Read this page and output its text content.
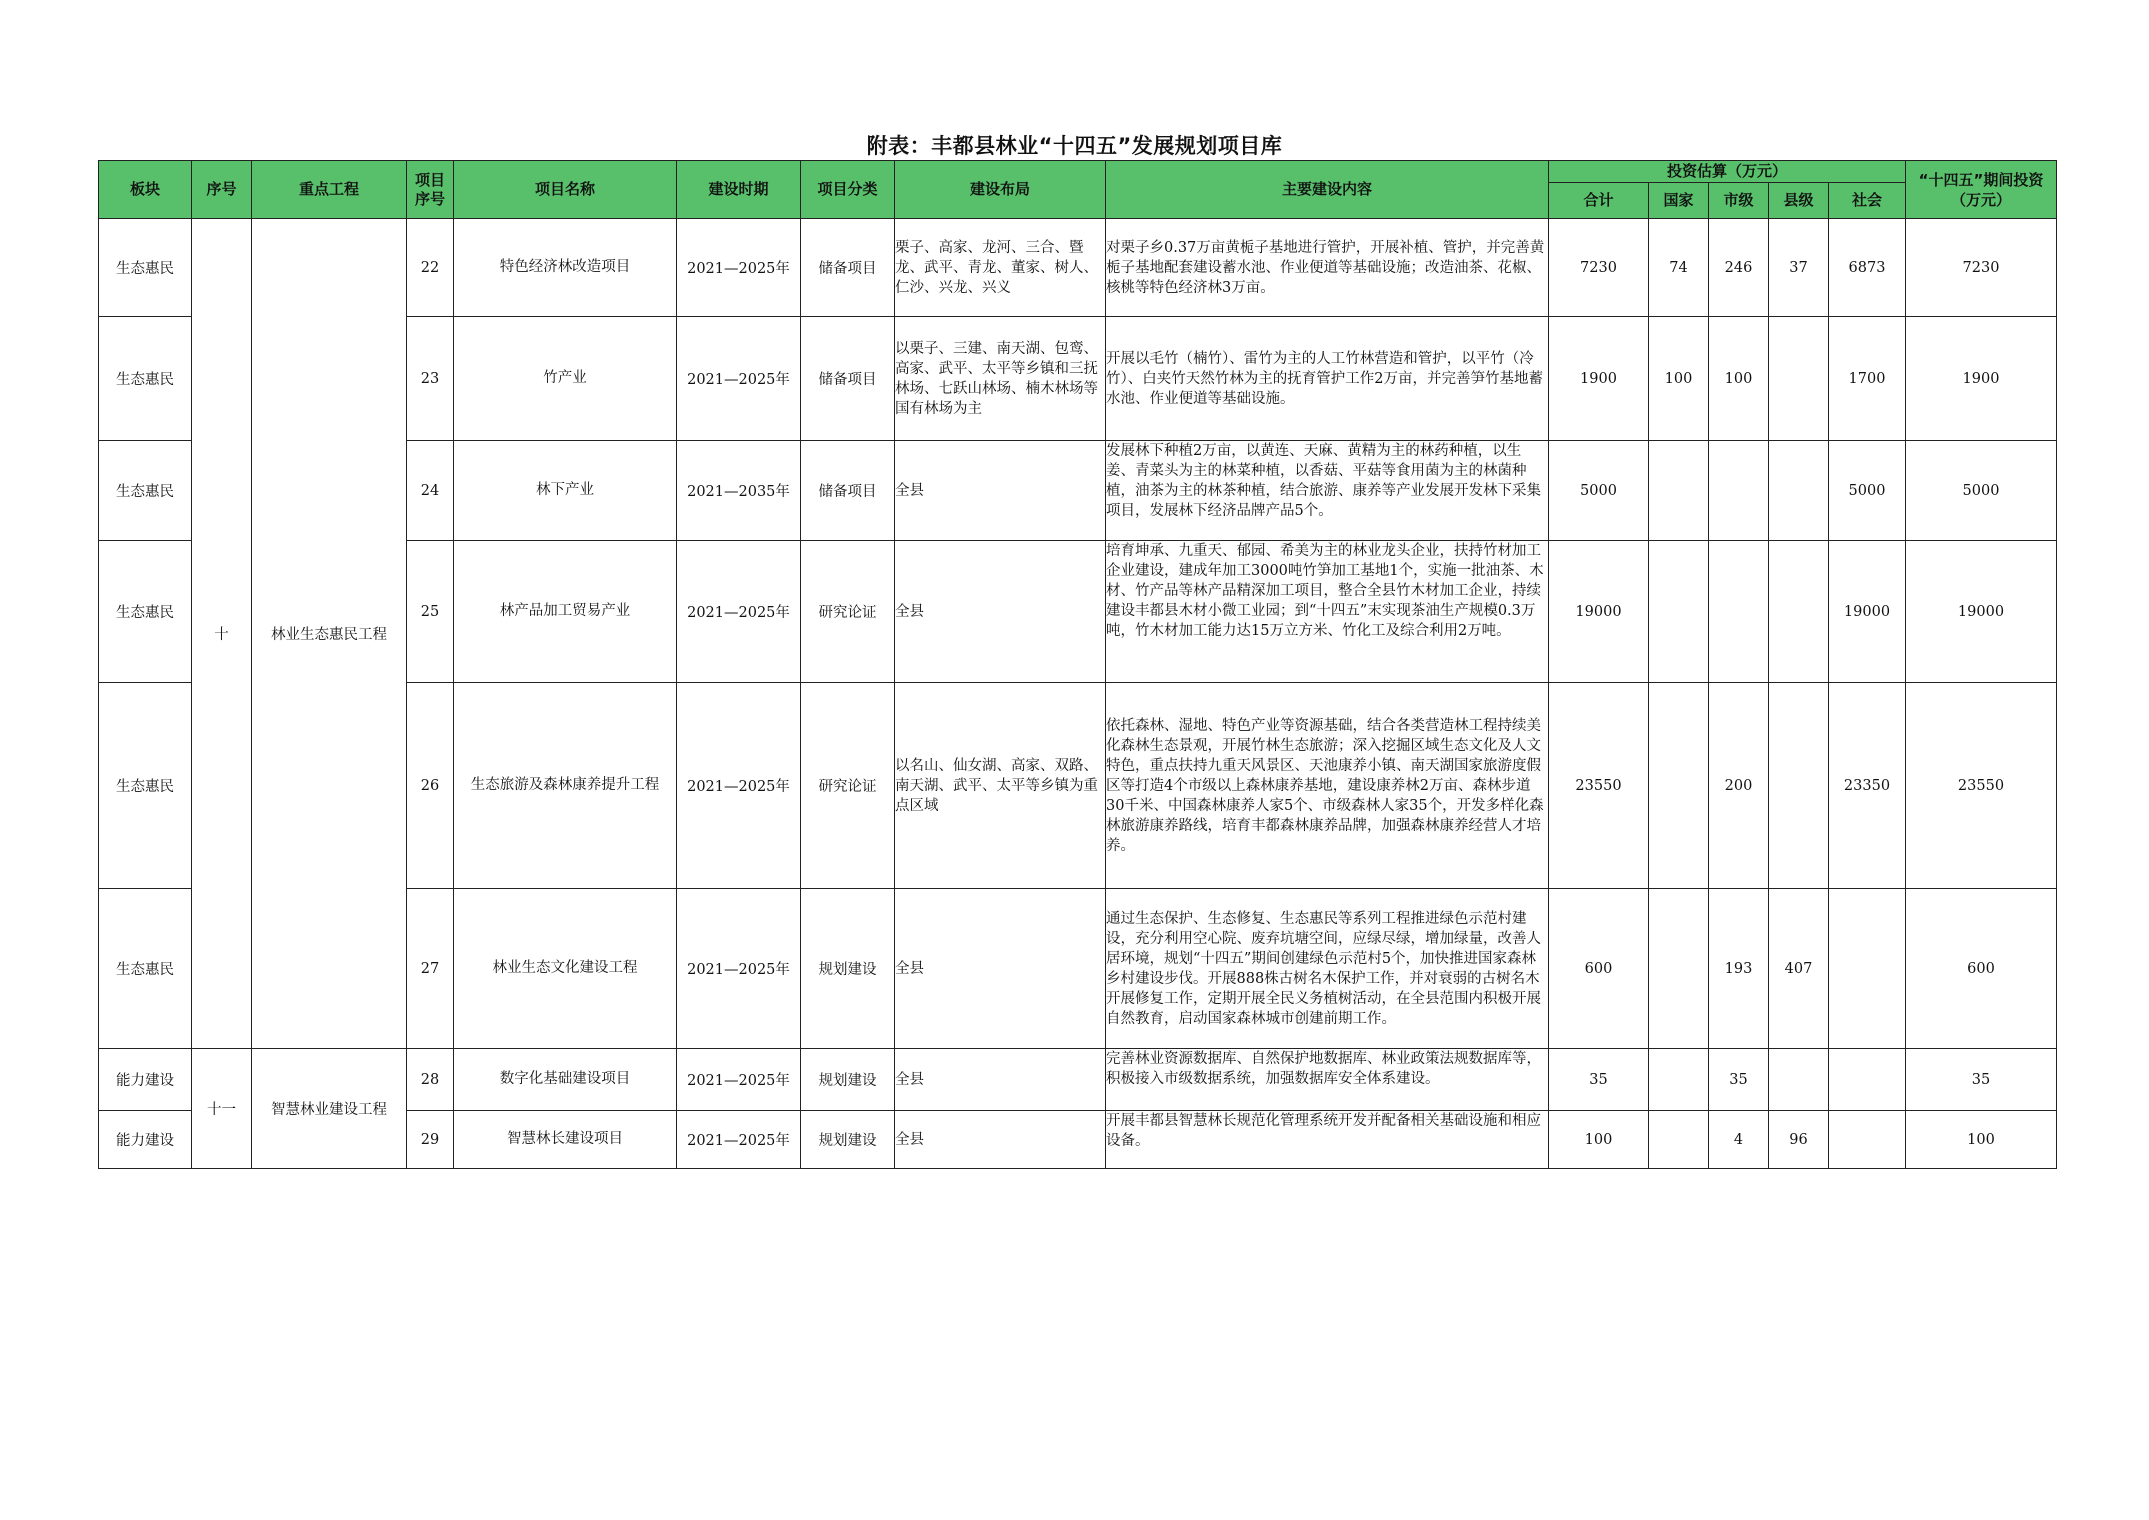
附表：丰都县林业“十四五”发展规划项目库
板块	序号	重点工程	项目序号	项目名称	建设时期	项目分类	建设布局	主要建设内容	投资估算（万元）					“十四五”期间投资（万元）

									合计	国家	市级	县级	社会	
生态惠民	十	林业生态惠民工程	22	特色经济林改造项目	2021—2025年	储备项目	栗子、高家、龙河、三合、暨龙、武平、青龙、董家、树人、仁沙、兴龙、兴义	对栗子乡0.37万亩黄栀子基地进行管护，开展补植、管护，并完善黄栀子基地配套建设蓄水池、作业便道等基础设施；改造油茶、花椒、核桃等特色经济林3万亩。	7230	74	246	37	6873	7230
生态惠民			23	竹产业	2021—2025年	储备项目	以栗子、三建、南天湖、包鸾、高家、武平、太平等乡镇和三抚林场、七跃山林场、楠木林场等国有林场为主	开展以毛竹（楠竹）、雷竹为主的人工竹林营造和管护，以平竹（冷竹）、白夹竹天然竹林为主的抚育管护工作2万亩，并完善笋竹基地蓄水池、作业便道等基础设施。	1900	100	100		1700	1900
生态惠民			24	林下产业	2021—2035年	储备项目	全县	发展林下种植2万亩，以黄连、天麻、黄精为主的林药种植，以生姜、青菜头为主的林菜种植，以香菇、平菇等食用菌为主的林菌种植，油茶为主的林茶种植，结合旅游、康养等产业发展开发林下采集项目，发展林下经济品牌产品5个。	5000				5000	5000
生态惠民			25	林产品加工贸易产业	2021—2025年	研究论证	全县	培育坤承、九重天、郁园、希美为主的林业龙头企业，扶持竹材加工企业建设，建成年加工3000吨竹笋加工基地1个，实施一批油茶、木材、竹产品等林产品精深加工项目，整合全县竹木材加工企业，持续建设丰都县木材小微工业园；到“十四五”末实现茶油生产规模0.3万吨，竹木材加工能力达15万立方米、竹化工及综合利用2万吨。	19000				19000	19000
生态惠民			26	生态旅游及森林康养提升工程	2021—2025年	研究论证	以名山、仙女湖、高家、双路、南天湖、武平、太平等乡镇为重点区域	依托森林、湿地、特色产业等资源基础，结合各类营造林工程持续美化森林生态景观，开展竹林生态旅游；深入挖掘区域生态文化及人文特色，重点扶持九重天风景区、天池康养小镇、南天湖国家旅游度假区等打造4个市级以上森林康养基地，建设康养林2万亩、森林步道30千米、中国森林康养人家5个、市级森林人家35个，开发多样化森林旅游康养路线，培育丰都森林康养品牌，加强森林康养经营人才培养。	23550		200		23350	23550
生态惠民			27	林业生态文化建设工程	2021—2025年	规划建设	全县	通过生态保护、生态修复、生态惠民等系列工程推进绿色示范村建设，充分利用空心院、废弃坑塘空间，应绿尽绿，增加绿量，改善人居环境，规划“十四五”期间创建绿色示范村5个，加快推进国家森林乡村建设步伐。开展888株古树名木保护工作，并对衰弱的古树名木开展修复工作，定期开展全民义务植树活动，在全县范围内积极开展自然教育，启动国家森林城市创建前期工作。	600		193	407		600
能力建设	十一	智慧林业建设工程	28	数字化基础建设项目	2021—2025年	规划建设	全县	完善林业资源数据库、自然保护地数据库、林业政策法规数据库等，积极接入市级数据系统，加强数据库安全体系建设。	35		35			35
能力建设			29	智慧林长建设项目	2021—2025年	规划建设	全县	开展丰都县智慧林长规范化管理系统开发并配备相关基础设施和相应设备。	100		4	96		100
